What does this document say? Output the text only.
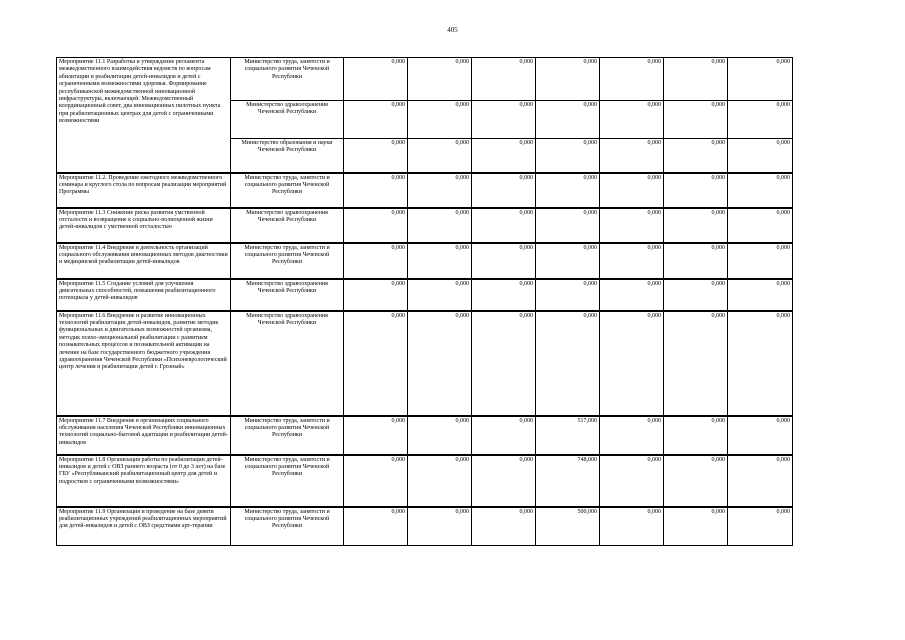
405
Мероприятие 11.1 Разработка и утверждение регламента межведомственного взаимодействия ведомств по вопросам абилитации и реабилитации детей-инвалидов и детей с ограниченными возможностями здоровья. Формирование республиканской межведомственной инновационной инфраструктуры, включающей: Межведомственный координационный совет, два инновационных пилотных пункта при реабилитационных центрах для детей с ограниченными возможностями	Министерство труда, занятости и социального развития Чеченской Республики	0,000	0,000	0,000	0,000	0,000	0,000	0,000
	Министерство здравоохранения Чеченской Республики	0,000	0,000	0,000	0,000	0,000	0,000	0,000
	Министерство образования и науки Чеченской Республики	0,000	0,000	0,000	0,000	0,000	0,000	0,000
Мероприятие 11.2. Проведение ежегодного межведомственного семинара и круглого стола по вопросам реализации мероприятий Программы	Министерство труда, занятости и социального развития Чеченской Республики	0,000	0,000	0,000	0,000	0,000	0,000	0,000
Мероприятие 11.3 Снижение риска развития умственной отсталости и возвращение к социально-полноценной жизни детей-инвалидов с умственной отсталостью	Министерство здравоохранения Чеченской Республики	0,000	0,000	0,000	0,000	0,000	0,000	0,000
Мероприятие 11.4 Внедрение в деятельность организаций социального обслуживания инновационных методов диагностики и медицинской реабилитации детей-инвалидов	Министерство труда, занятости и социального развития Чеченской Республики	0,000	0,000	0,000	0,000	0,000	0,000	0,000
Мероприятие 11.5 Создание условий для улучшения двигательных способностей, повышения реабилитационного потенциала у детей-инвалидов	Министерство здравоохранения Чеченской Республики	0,000	0,000	0,000	0,000	0,000	0,000	0,000
Мероприятие 11.6 Внедрение и развитие инновационных технологий реабилитации детей-инвалидов, развитие методик функциональных и двигательных возможностей организма, методик психо-эмоциональной реабилитации с развитием познавательных процессов и познавательной активации на лечение на базе государственного бюджетного учреждения здравоохранения Чеченской Республики «Психоневрологический центр лечения и реабилитации детей г. Грозный»	Министерство здравоохранения Чеченской Республики	0,000	0,000	0,000	0,000	0,000	0,000	0,000
Мероприятие 11.7 Внедрение в организациях социального обслуживания населения Чеченской Республики инновационных технологий социально-бытовой адаптации и реабилитации детей-инвалидов	Министерство труда, занятости и социального развития Чеченской Республики	0,000	0,000	0,000	517,000	0,000	0,000	0,000
Мероприятие 11.8 Организация работы по реабилитации детей-инвалидов и детей с ОВЗ раннего возраста (от 0 до 3 лет) на базе ГБУ «Республиканский реабилитационный центр для детей и подростков с ограниченными возможностями»	Министерство труда, занятости и социального развития Чеченской Республики	0,000	0,000	0,000	748,000	0,000	0,000	0,000
Мероприятие 11.9 Организация и проведение на базе девяти реабилитационных учреждений реабилитационных мероприятий для детей-инвалидов и детей с ОВЗ средствами арт-терапии	Министерство труда, занятости и социального развития Чеченской Республики	0,000	0,000	0,000	500,000	0,000	0,000	0,000
